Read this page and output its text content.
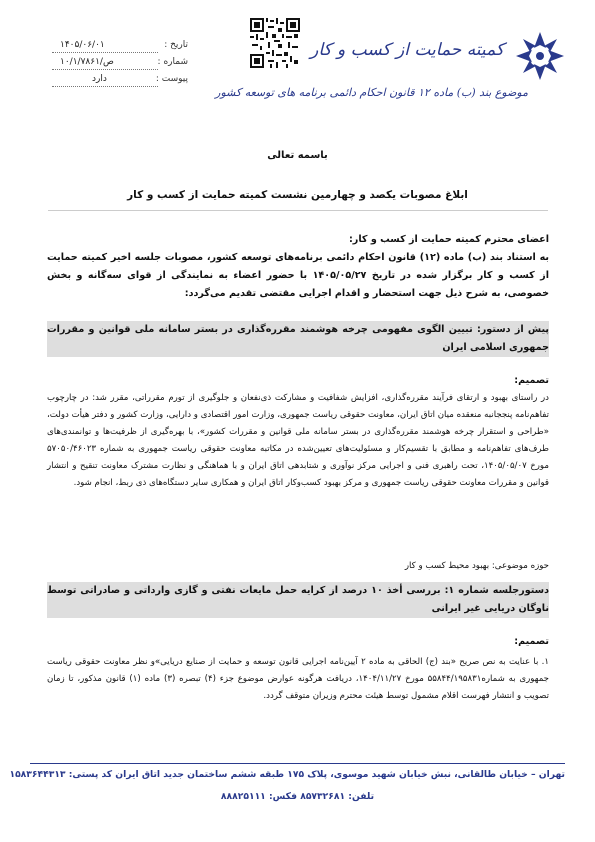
۱۴۰۵/۰۶/۰۱	تاریخ :
۱۰/۱/۷۸۶۱/ص	شماره :
دارد	پیوست :
کمیته حمایت از کسب و کار
موضوع بند (ب) ماده ۱۲ قانون احکام دائمی برنامه های توسعه کشور
باسمه تعالی
ابلاغ مصوبات یکصد و چهارمین نشست کمیته حمایت از کسب و کار
اعضای محترم کمیته حمایت از کسب و کار:
به استناد بند (ب) ماده (۱۲) قانون احکام دائمی برنامه‌های توسعه کشور، مصوبات جلسه اخیر کمیته حمایت از کسب و کار برگزار شده در تاریخ ۱۴۰۵/۰۵/۲۷ با حضور اعضاء به نمایندگی از قوای سه‌گانه و بخش خصوصی، به شرح ذیل جهت استحضار و اقدام اجرایی مقتضی تقدیم می‌گردد:
پیش از دستور: تبیین الگوی مفهومی چرخه هوشمند مقرره‌گذاری در بستر سامانه ملی قوانین و مقررات جمهوری اسلامی ایران
تصمیم:
در راستای بهبود و ارتقای فرآیند مقرره‌گذاری، افزایش شفافیت و مشارکت ذی‌نفعان و جلوگیری از تورم مقرراتی، مقرر شد: در چارچوب تفاهم‌نامه پنججانبه منعقده میان اتاق ایران، معاونت حقوقی ریاست جمهوری، وزارت امور اقتصادی و دارایی، وزارت کشور و دفتر هیأت دولت، «طراحی و استقرار چرخه هوشمند مقرره‌گذاری در بستر سامانه ملی قوانین و مقررات کشور»، با بهره‌گیری از ظرفیت‌ها و توانمندی‌های طرف‌های تفاهم‌نامه و مطابق با تقسیم‌کار و مسئولیت‌های تعیین‌شده در مکاتبه معاونت حقوقی ریاست جمهوری به شماره ۵۷۰۵۰/۴۶۰۲۳ مورخ ۱۴۰۵/۰۵/۰۷، تحت راهبری فنی و اجرایی مرکز نوآوری و شتابدهی اتاق ایران و با هماهنگی و نظارت مشترک معاونت تنقیح و انتشار قوانین و مقررات معاونت حقوقی ریاست جمهوری و مرکز بهبود کسب‌وکار اتاق ایران و همکاری سایر دستگاه‌های ذی ربط، انجام شود.
حوزه موضوعی: بهبود محیط کسب و کار
دستورجلسه شماره ۱: بررسی أخذ ۱۰ درصد از کرایه حمل مایعات نفتی و گازی وارداتی و صادراتی توسط ناوگان دریایی غیر ایرانی
تصمیم:
۱. با عنایت به نص صریح «بند (ج) الحاقی به ماده ۲ آیین‌نامه اجرایی قانون توسعه و حمایت از صنایع دریایی»و نظر معاونت حقوقی ریاست جمهوری به شماره۵۵۸۴۴/۱۹۵۸۳۱ مورخ ۱۴۰۴/۱۱/۲۷، دریافت هرگونه عوارض موضوع جزء (۴) تبصره (۳) ماده (۱) قانون مذکور، تا زمان تصویب و انتشار فهرست اقلام مشمول توسط هیئت محترم وزیران متوقف گردد.
تهران – خیابان طالقانی، نبش خیابان شهید موسوی، پلاک ۱۷۵ طبقه ششم ساختمان جدید اتاق ایران کد پستی: ۱۵۸۳۶۴۴۳۱۳
تلفن: ۸۵۷۳۲۶۸۱ فکس: ۸۸۸۲۵۱۱۱
